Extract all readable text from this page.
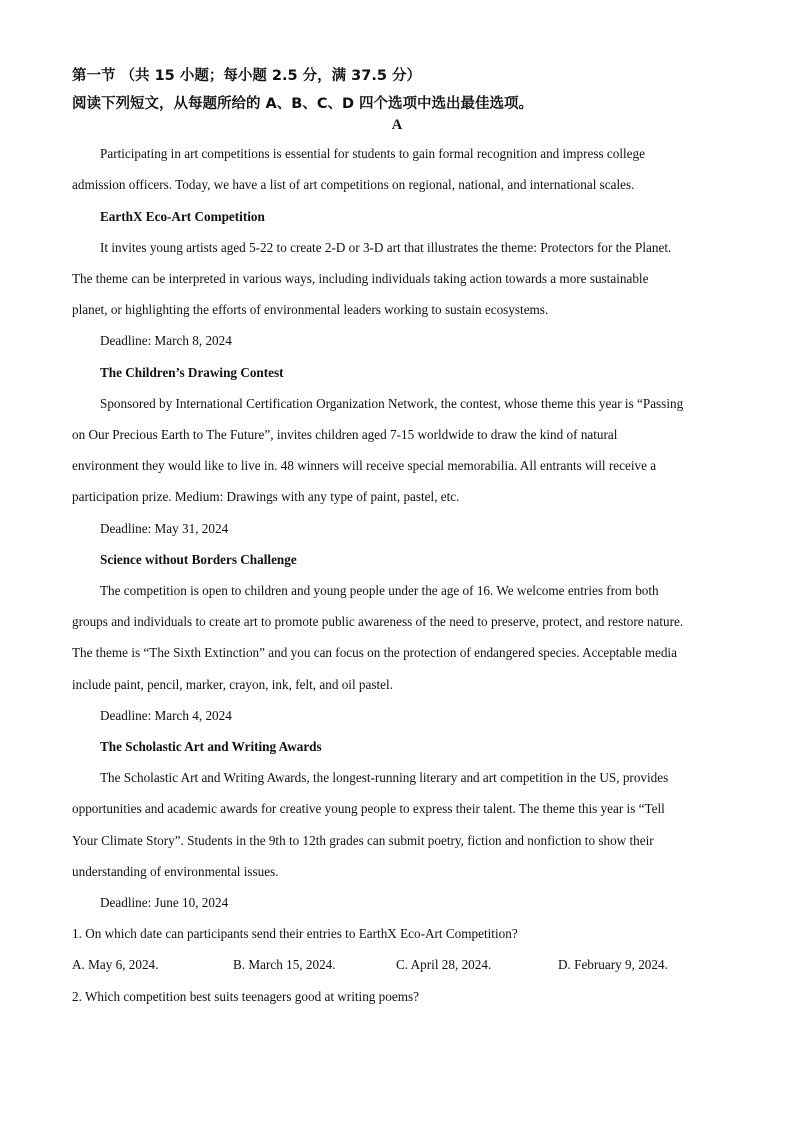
第一节 （共 15 小题；每小题 2.5 分，满 37.5 分）
阅读下列短文，从每题所给的 A、B、C、D 四个选项中选出最佳选项。
A
Participating in art competitions is essential for students to gain formal recognition and impress college
admission officers. Today, we have a list of art competitions on regional, national, and international scales.
EarthX Eco-Art Competition
It invites young artists aged 5-22 to create 2-D or 3-D art that illustrates the theme: Protectors for the Planet.
The theme can be interpreted in various ways, including individuals taking action towards a more sustainable
planet, or highlighting the efforts of environmental leaders working to sustain ecosystems.
Deadline: March 8, 2024
The Children’s Drawing Contest
Sponsored by International Certification Organization Network, the contest, whose theme this year is “Passing
on Our Precious Earth to The Future”, invites children aged 7-15 worldwide to draw the kind of natural
environment they would like to live in. 48 winners will receive special memorabilia. All entrants will receive a
participation prize. Medium: Drawings with any type of paint, pastel, etc.
Deadline: May 31, 2024
Science without Borders Challenge
The competition is open to children and young people under the age of 16. We welcome entries from both
groups and individuals to create art to promote public awareness of the need to preserve, protect, and restore nature.
The theme is “The Sixth Extinction” and you can focus on the protection of endangered species. Acceptable media
include paint, pencil, marker, crayon, ink, felt, and oil pastel.
Deadline: March 4, 2024
The Scholastic Art and Writing Awards
The Scholastic Art and Writing Awards, the longest-running literary and art competition in the US, provides
opportunities and academic awards for creative young people to express their talent. The theme this year is “Tell
Your Climate Story”. Students in the 9th to 12th grades can submit poetry, fiction and nonfiction to show their
understanding of environmental issues.
Deadline: June 10, 2024
1. On which date can participants send their entries to EarthX Eco-Art Competition?
A. May 6, 2024.	B. March 15, 2024.	C. April 28, 2024.	D. February 9, 2024.
2. Which competition best suits teenagers good at writing poems?
